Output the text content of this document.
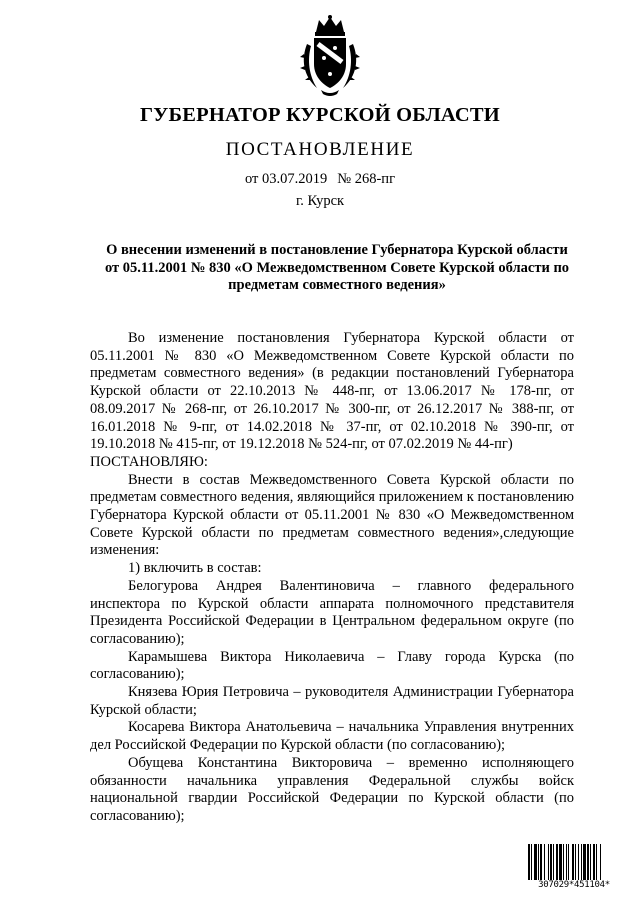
ГУБЕРНАТОР КУРСКОЙ ОБЛАСТИ
ПОСТАНОВЛЕНИЕ
от 03.07.2019 № 268-пг
г. Курск
О внесении изменений в постановление Губернатора Курской области
от 05.11.2001 № 830 «О Межведомственном Совете Курской области по
предметам совместного ведения»

Во изменение постановления Губернатора Курской области от 05.11.2001 № 830 «О Межведомственном Совете Курской области по предметам совместного ведения» (в редакции постановлений Губернатора Курской области от 22.10.2013 № 448-пг, от 13.06.2017 № 178-пг, от 08.09.2017 № 268-пг, от 26.10.2017 № 300-пг, от 26.12.2017 № 388-пг, от 16.01.2018 № 9-пг, от 14.02.2018 № 37-пг, от 02.10.2018 № 390-пг, от 19.10.2018 № 415-пг, от 19.12.2018 № 524-пг, от 07.02.2019 № 44-пг)

ПОСТАНОВЛЯЮ:

Внести в состав Межведомственного Совета Курской области по предметам совместного ведения, являющийся приложением к постановлению Губернатора Курской области от 05.11.2001 № 830 «О Межведомственном Совете Курской области по предметам совместного ведения»,следующие изменения:

1) включить в состав:

Белогурова Андрея Валентиновича – главного федерального инспектора по Курской области аппарата полномочного представителя Президента Российской Федерации в Центральном федеральном округе (по согласованию);

Карамышева Виктора Николаевича – Главу города Курска (по согласованию);

Князева Юрия Петровича – руководителя Администрации Губернатора Курской области;

Косарева Виктора Анатольевича – начальника Управления внутренних дел Российской Федерации по Курской области (по согласованию);

Обущева Константина Викторовича – временно исполняющего обязанности начальника управления Федеральной службы войск национальной гвардии Российской Федерации по Курской области (по согласованию);

307029*451104*
